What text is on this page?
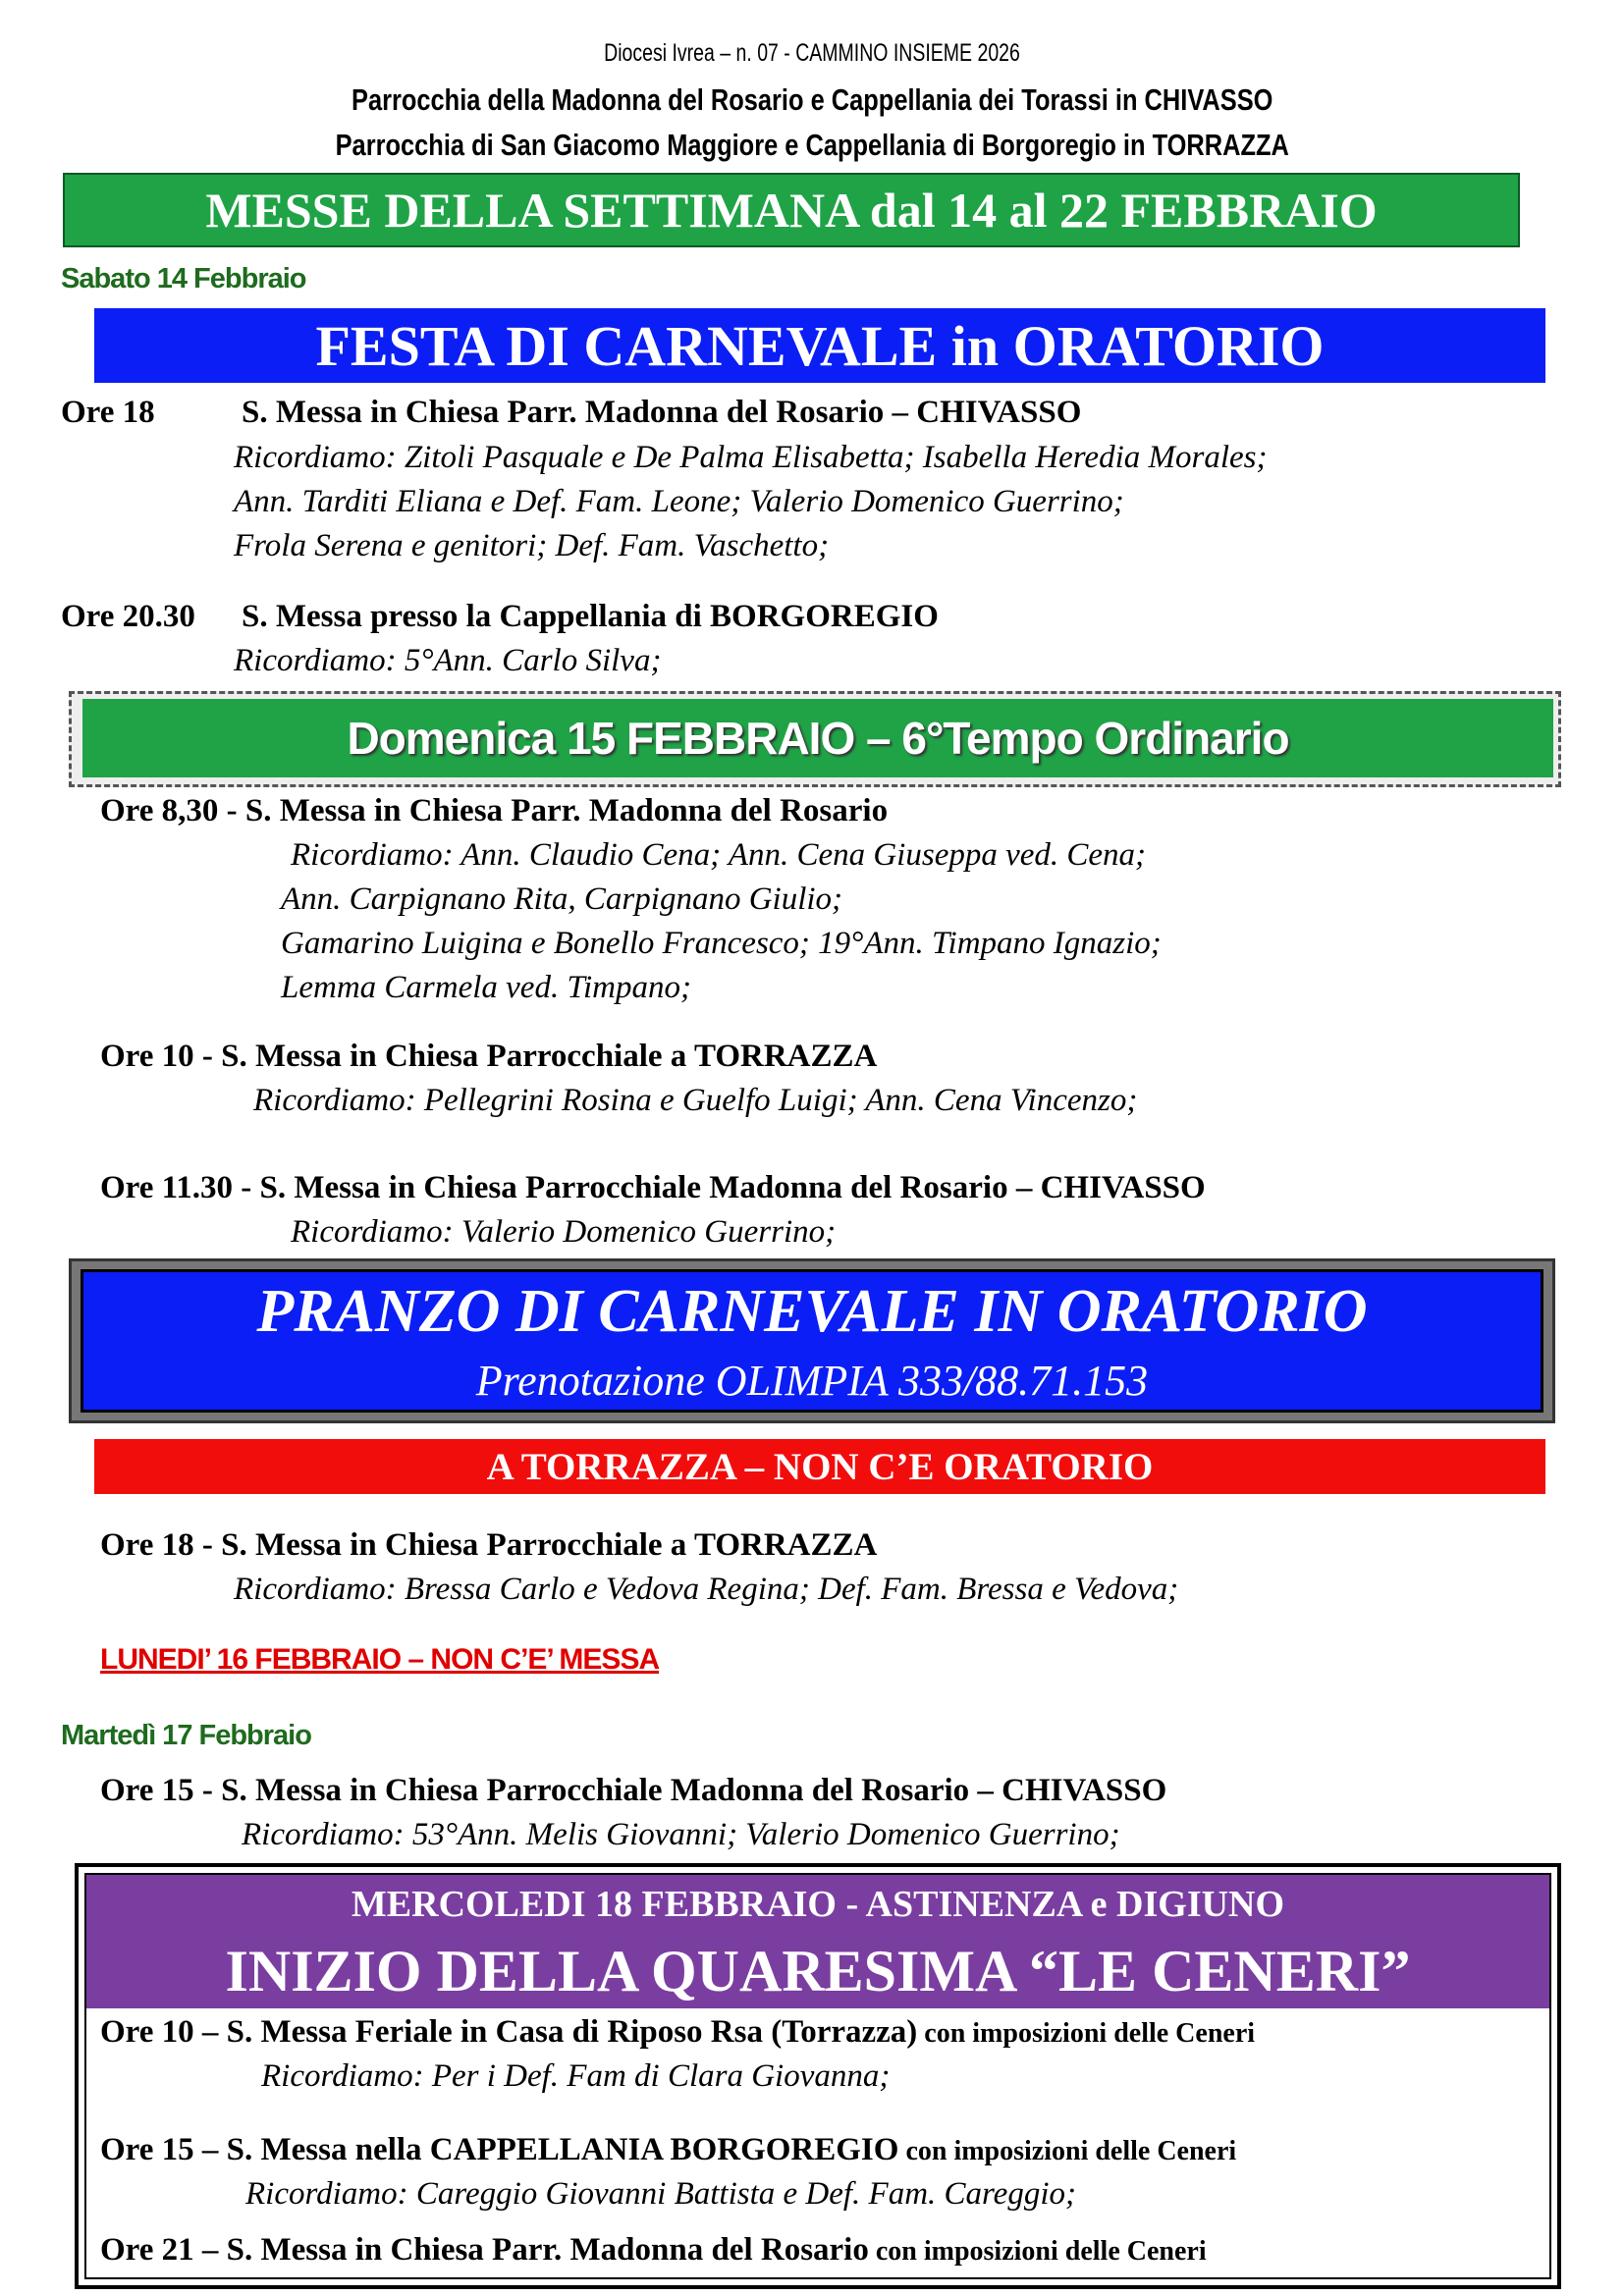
Diocesi Ivrea – n. 07 - CAMMINO INSIEME 2026
Parrocchia della Madonna del Rosario e Cappellania dei Torassi in CHIVASSO
Parrocchia di San Giacomo Maggiore e Cappellania di Borgoregio in TORRAZZA
MESSE DELLA SETTIMANA dal 14 al 22 FEBBRAIO
Sabato 14 Febbraio
FESTA DI CARNEVALE in ORATORIO
Ore 18	S. Messa in Chiesa Parr. Madonna del Rosario – CHIVASSO
Ricordiamo: Zitoli Pasquale e De Palma Elisabetta; Isabella Heredia Morales;
Ann. Tarditi Eliana e Def. Fam. Leone; Valerio Domenico Guerrino;
Frola Serena e genitori; Def. Fam. Vaschetto;
Ore 20.30 S. Messa presso la Cappellania di BORGOREGIO
Ricordiamo: 5°Ann. Carlo Silva;
Domenica 15 FEBBRAIO – 6°Tempo Ordinario
Ore 8,30 - S. Messa in Chiesa Parr. Madonna del Rosario
Ricordiamo: Ann. Claudio Cena; Ann. Cena Giuseppa ved. Cena;
Ann. Carpignano Rita, Carpignano Giulio;
Gamarino Luigina e Bonello Francesco; 19°Ann. Timpano Ignazio;
Lemma Carmela ved. Timpano;
Ore 10 - S. Messa in Chiesa Parrocchiale a TORRAZZA
Ricordiamo: Pellegrini Rosina e Guelfo Luigi; Ann. Cena Vincenzo;
Ore 11.30 - S. Messa in Chiesa Parrocchiale Madonna del Rosario – CHIVASSO
Ricordiamo: Valerio Domenico Guerrino;
PRANZO DI CARNEVALE IN ORATORIO
Prenotazione OLIMPIA 333/88.71.153
A TORRAZZA – NON C’E ORATORIO
Ore 18 - S. Messa in Chiesa Parrocchiale a TORRAZZA
Ricordiamo: Bressa Carlo e Vedova Regina; Def. Fam. Bressa e Vedova;
LUNEDI’ 16 FEBBRAIO – NON C’E’ MESSA
Martedì 17 Febbraio
Ore 15 - S. Messa in Chiesa Parrocchiale Madonna del Rosario – CHIVASSO
Ricordiamo: 53°Ann. Melis Giovanni; Valerio Domenico Guerrino;
MERCOLEDI 18 FEBBRAIO - ASTINENZA e DIGIUNO
INIZIO DELLA QUARESIMA “LE CENERI”
Ore 10 – S. Messa Feriale in Casa di Riposo Rsa (Torrazza) con imposizioni delle Ceneri
Ricordiamo: Per i Def. Fam di Clara Giovanna;
Ore 15 – S. Messa nella CAPPELLANIA BORGOREGIO con imposizioni delle Ceneri
Ricordiamo: Careggio Giovanni Battista e Def. Fam. Careggio;
Ore 21 – S. Messa in Chiesa Parr. Madonna del Rosario con imposizioni delle Ceneri
